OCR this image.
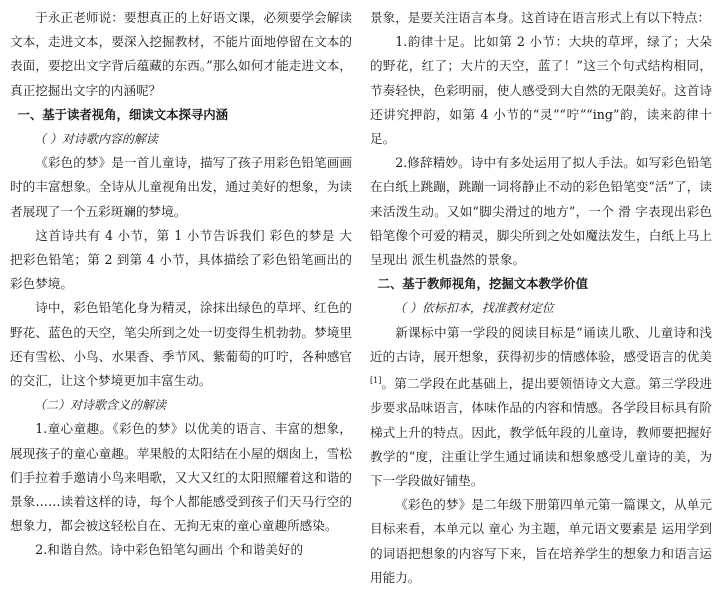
于永正老师说：要想真正的上好语文课，必须要学会解读文本，走进文本，要深入挖掘教材，不能片面地停留在文本的表面，要挖出文字背后蕴藏的东西。”那么如何才能走进文本，真正挖掘出文字的内涵呢？

一、基于读者视角，细读文本探寻内涵

（ ）对诗歌内容的解读

《彩色的梦》是一首儿童诗，描写了孩子用彩色铅笔画画时的丰富想象。全诗从儿童视角出发，通过美好的想象，为读者展现了一个五彩斑斓的梦境。

这首诗共有 4 小节，第 1 小节告诉我们 彩色的梦是 大把彩色铅笔；第 2 到第 4 小节，具体描绘了彩色铅笔画出的彩色梦境。

诗中，彩色铅笔化身为精灵，涂抹出绿色的草坪、红色的野花、蓝色的天空，笔尖所到之处一切变得生机勃勃。梦境里还有雪松、小鸟、水果香、季节风、紫葡萄的叮咛，各种感官的交汇，让这个梦境更加丰富生动。

（二）对诗歌含义的解读

1.童心童趣。《彩色的梦》以优美的语言、丰富的想象，展现孩子的童心童趣。苹果般的太阳结在小屋的烟囱上，雪松们手拉着手邀请小鸟来唱歌，又大又红的太阳照耀着这和谐的景象……读着这样的诗，每个人都能感受到孩子们天马行空的想象力，都会被这轻松自在、无拘无束的童心童趣所感染。

2.和谐自然。诗中彩色铅笔勾画出 个和谐美好的

景象，是要关注语言本身。这首诗在语言形式上有以下特点：

1.韵律十足。比如第 2 小节：大块的草坪，绿了；大朵的野花，红了；大片的天空，蓝了！”这三个句式结构相同，节奏轻快，色彩明丽，使人感受到大自然的无限美好。这首诗还讲究押韵，如第 4 小节的“灵”“咛”“ing”韵，读来韵律十足。

2.修辞精妙。诗中有多处运用了拟人手法。如写彩色铅笔 在白纸上跳蹦，跳蹦一词将静止不动的彩色铅笔变“活”了，读来活泼生动。又如“脚尖滑过的地方”，一个 滑 字表现出彩色铅笔像个可爱的精灵，脚尖所到之处如魔法发生，白纸上马上呈现出 派生机盎然的景象。

二、基于教师视角，挖掘文本教学价值

（ ）依标扣本，找准教材定位

新课标中第一学段的阅读目标是“诵读儿歌、儿童诗和浅近的古诗，展开想象，获得初步的情感体验，感受语言的优美[1]。第二学段在此基础上，提出要领悟诗文大意。第三学段进 步要求品味语言，体味作品的内容和情感。各学段目标具有阶梯式上升的特点。因此，教学低年段的儿童诗，教师要把握好教学的“度，注重让学生通过诵读和想象感受儿童诗的美，为下一学段做好铺垫。

《彩色的梦》是二年级下册第四单元第一篇课文，从单元目标来看，本单元以 童心 为主题，单元语文要素是 运用学到的词语把想象的内容写下来，旨在培养学生的想象力和语言运用能力。
